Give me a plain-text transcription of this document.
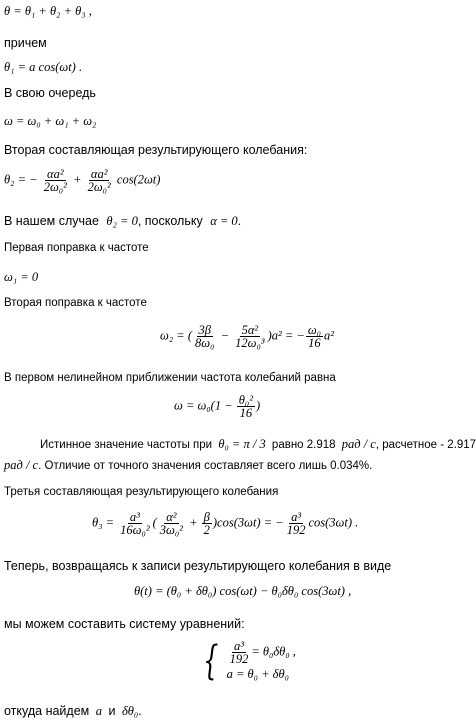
θ = θ₁ + θ₂ + θ₃ ,
причем
θ₁ = a cos(ωt) .
В свою очередь
ω = ω₀ + ω₁ + ω₂
Вторая составляющая результирующего колебания:
θ₂ = − $\frac{\text{αa²}}{\text{2ω₀²}} + \frac{\text{αa²}}{\text{2ω₀²}} \cos(2\omega t)$
В нашем случае θ₂ = 0, поскольку α = 0.
Первая поправка к частоте
ω₁ = 0
Вторая поправка к частоте
ω₂ = ( $\frac{3\beta}{\text{8ω₀}} - \frac{\text{5α²}}{\text{12ω₀³}} )a^2$ = − $\frac{\text{ω₀}}{16} a^2$
В первом нелинейном приближении частота колебаний равна
$\omega = \omega_0(1 - \frac{\text{θ₀²}}{16}$ )
Истинное значение частоты при θ₀ = π / 3 равно 2.918 рад / с, расчетное - 2.917
рад / с. Отличие от точного значения составляет всего лишь 0.034%.
Третья составляющая результирующего колебания
$\theta_3 = \frac{\text{a³}}{\text{16ω₀²}}$ ( $\frac{\text{α²}}{\text{3ω₀²}} + \frac{\beta}{2} )\cos(3\omega t)$ = − $\frac{\text{a³}}{192} \cos(3\omega t)$ .
Теперь, возвращаясь к записи результирующего колебания в виде
θ(t) = (θ₀ + δθ₀) cos(ωt) − θ₀δθ₀ cos(3ωt) ,
мы можем составить систему уравнений:
{ $\frac{\text{a³}}{192} = \theta_0\delta\theta_0$ ,
a = θ₀ + δθ₀
откуда найдем a и δθ₀.
